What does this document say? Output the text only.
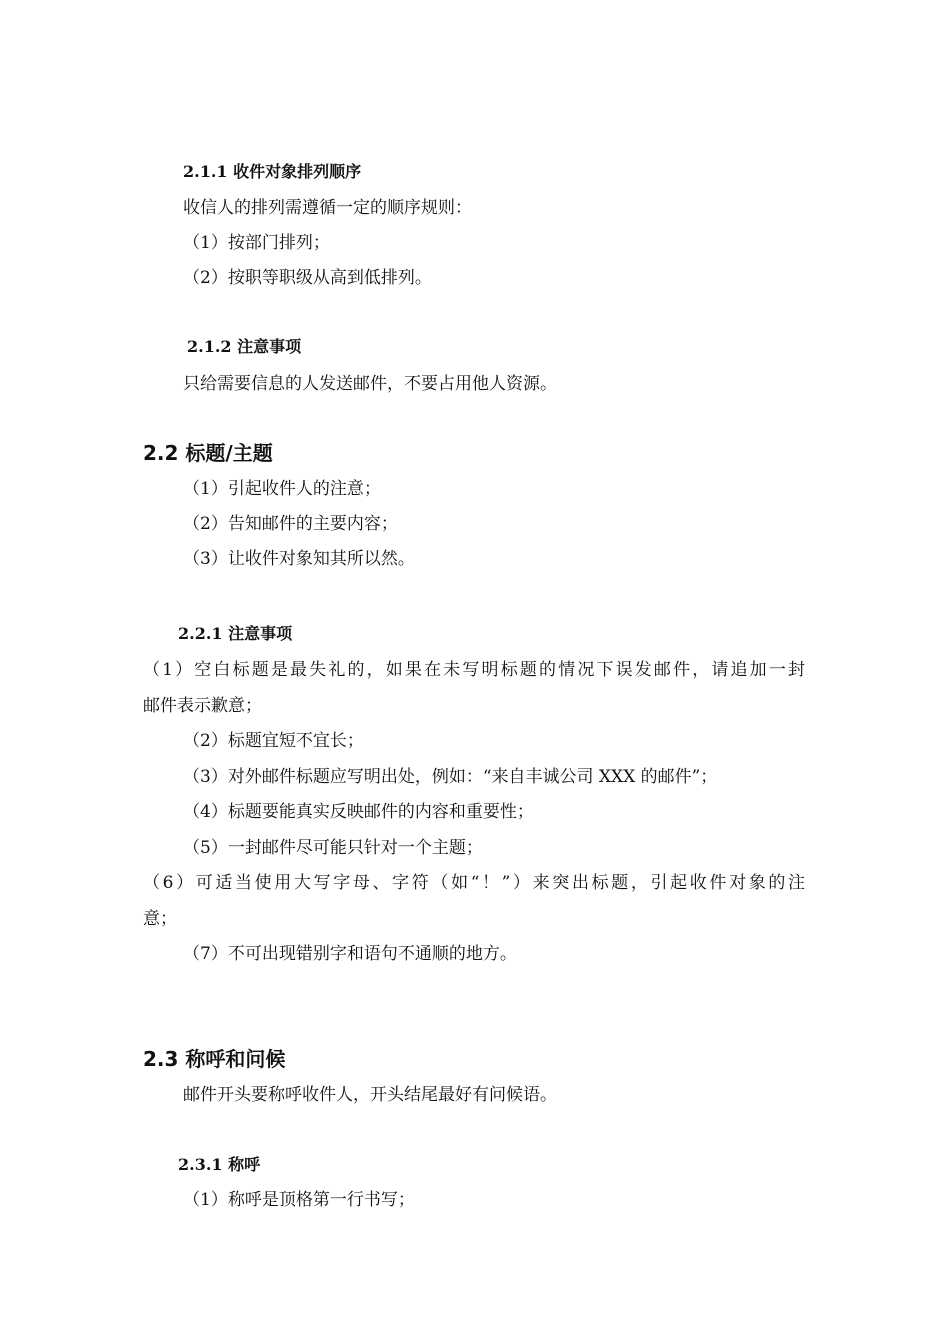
2.1.1 收件对象排列顺序
收信人的排列需遵循一定的顺序规则：
（1）按部门排列；
（2）按职等职级从高到低排列。
2.1.2 注意事项
只给需要信息的人发送邮件，不要占用他人资源。
2.2 标题/主题
（1）引起收件人的注意；
（2）告知邮件的主要内容；
（3）让收件对象知其所以然。
2.2.1 注意事项
（1）空白标题是最失礼的，如果在未写明标题的情况下误发邮件，请追加一封
邮件表示歉意；
（2）标题宜短不宜长；
（3）对外邮件标题应写明出处，例如：“来自丰诚公司 XXX 的邮件”；
（4）标题要能真实反映邮件的内容和重要性；
（5）一封邮件尽可能只针对一个主题；
（6）可适当使用大写字母、字符（如“！”）来突出标题，引起收件对象的注
意；
（7）不可出现错别字和语句不通顺的地方。
2.3 称呼和问候
邮件开头要称呼收件人，开头结尾最好有问候语。
2.3.1 称呼
（1）称呼是顶格第一行书写；
